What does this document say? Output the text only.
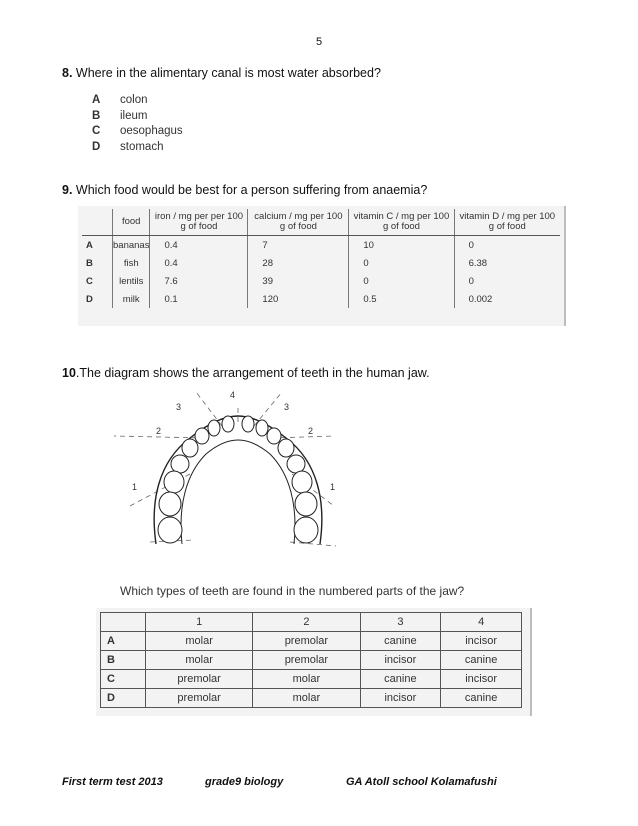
5
8. Where in the alimentary canal is most water absorbed?
A	colon
B	ileum
C	oesophagus
D	stomach
9. Which food would be best for a person suffering from anaemia?
	food	iron / mg per per 100 g of food	calcium / mg per 100 g of food	vitamin C / mg per 100 g of food	vitamin D / mg per 100 g of food
A	bananas	0.4	7	10	0
B	fish	0.4	28	0	6.38
C	lentils	7.6	39	0	0
D	milk	0.1	120	0.5	0.002
10.The diagram shows the arrangement of teeth in the human jaw.
4
3	3
2	2
1	1
Which types of teeth are found in the numbered parts of the jaw?
	1	2	3	4
A	molar	premolar	canine	incisor
B	molar	premolar	incisor	canine
C	premolar	molar	canine	incisor
D	premolar	molar	incisor	canine
First term test 2013	grade9 biology	GA Atoll school Kolamafushi
